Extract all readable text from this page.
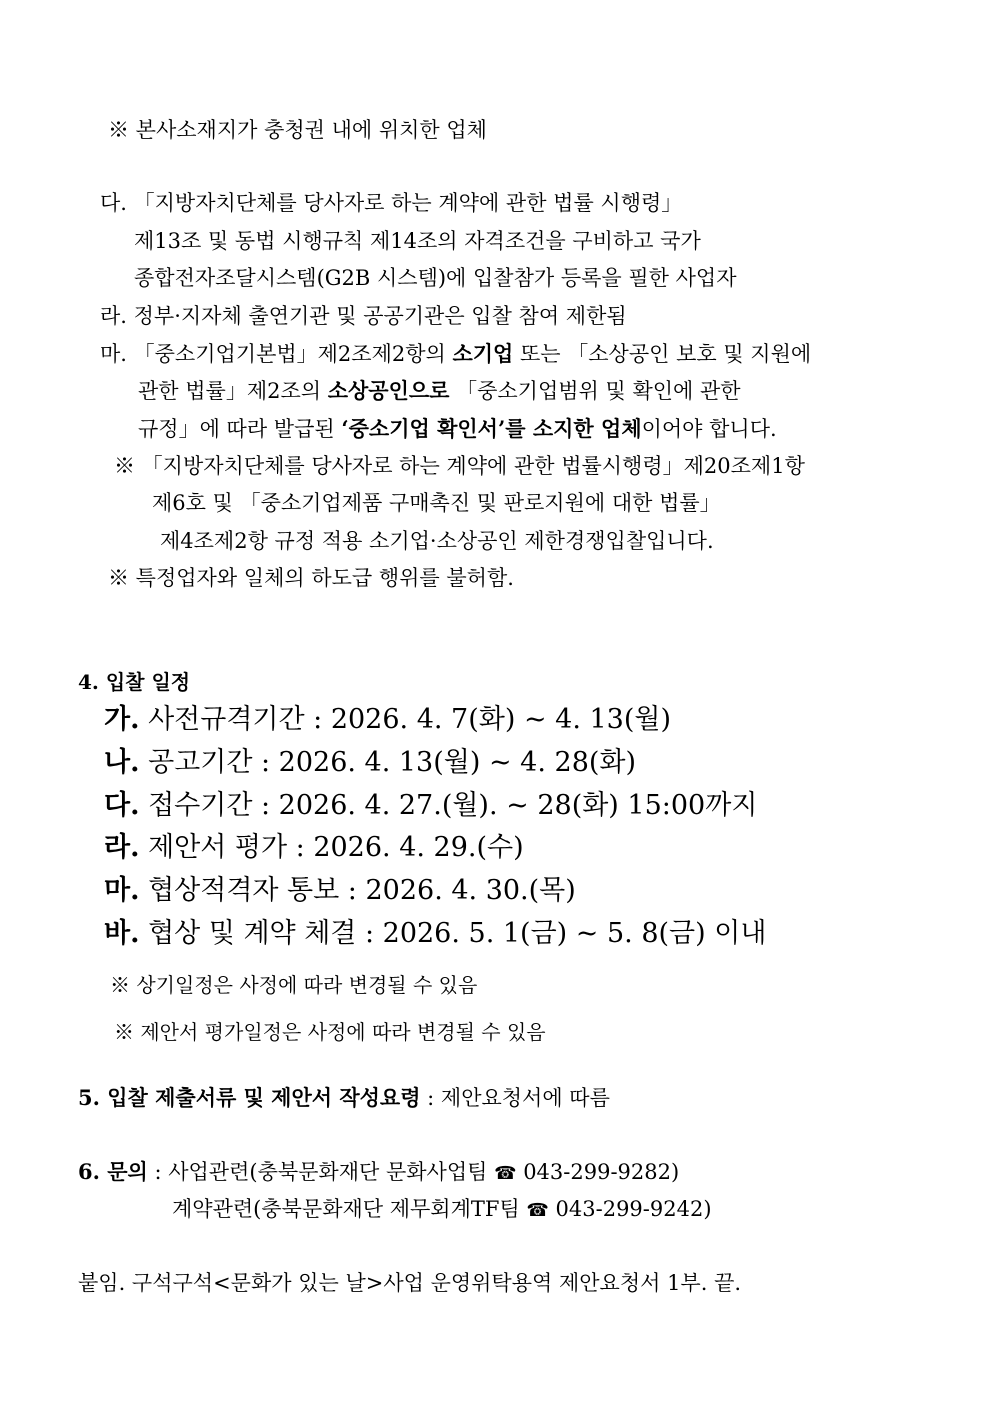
※ 본사소재지가 충청권 내에 위치한 업체
다. 「지방자치단체를 당사자로 하는 계약에 관한 법률 시행령」
제13조 및 동법 시행규칙 제14조의 자격조건을 구비하고 국가
종합전자조달시스템(G2B 시스템)에 입찰참가 등록을 필한 사업자
라. 정부·지자체 출연기관 및 공공기관은 입찰 참여 제한됨
마. 「중소기업기본법」제2조제2항의 소기업 또는 「소상공인 보호 및 지원에
관한 법률」제2조의 소상공인으로 「중소기업범위 및 확인에 관한
규정」에 따라 발급된 ‘중소기업 확인서’를 소지한 업체이어야 합니다.
※ 「지방자치단체를 당사자로 하는 계약에 관한 법률시행령」제20조제1항
제6호 및 「중소기업제품 구매촉진 및 판로지원에 대한 법률」
제4조제2항 규정 적용 소기업·소상공인 제한경쟁입찰입니다.
※ 특정업자와 일체의 하도급 행위를 불허함.
4. 입찰 일정
가. 사전규격기간 : 2026. 4. 7(화) ~ 4. 13(월)
나. 공고기간 : 2026. 4. 13(월) ~ 4. 28(화)
다. 접수기간 : 2026. 4. 27.(월). ~ 28(화) 15:00까지
라. 제안서 평가 : 2026. 4. 29.(수)
마. 협상적격자 통보 : 2026. 4. 30.(목)
바. 협상 및 계약 체결 : 2026. 5. 1(금) ~ 5. 8(금) 이내
※ 상기일정은 사정에 따라 변경될 수 있음
※ 제안서 평가일정은 사정에 따라 변경될 수 있음
5. 입찰 제출서류 및 제안서 작성요령 : 제안요청서에 따름
6. 문의 : 사업관련(충북문화재단 문화사업팀 ☎ 043-299-9282)
계약관련(충북문화재단 제무회계TF팀 ☎ 043-299-9242)
붙임. 구석구석<문화가 있는 날>사업 운영위탁용역 제안요청서 1부. 끝.
